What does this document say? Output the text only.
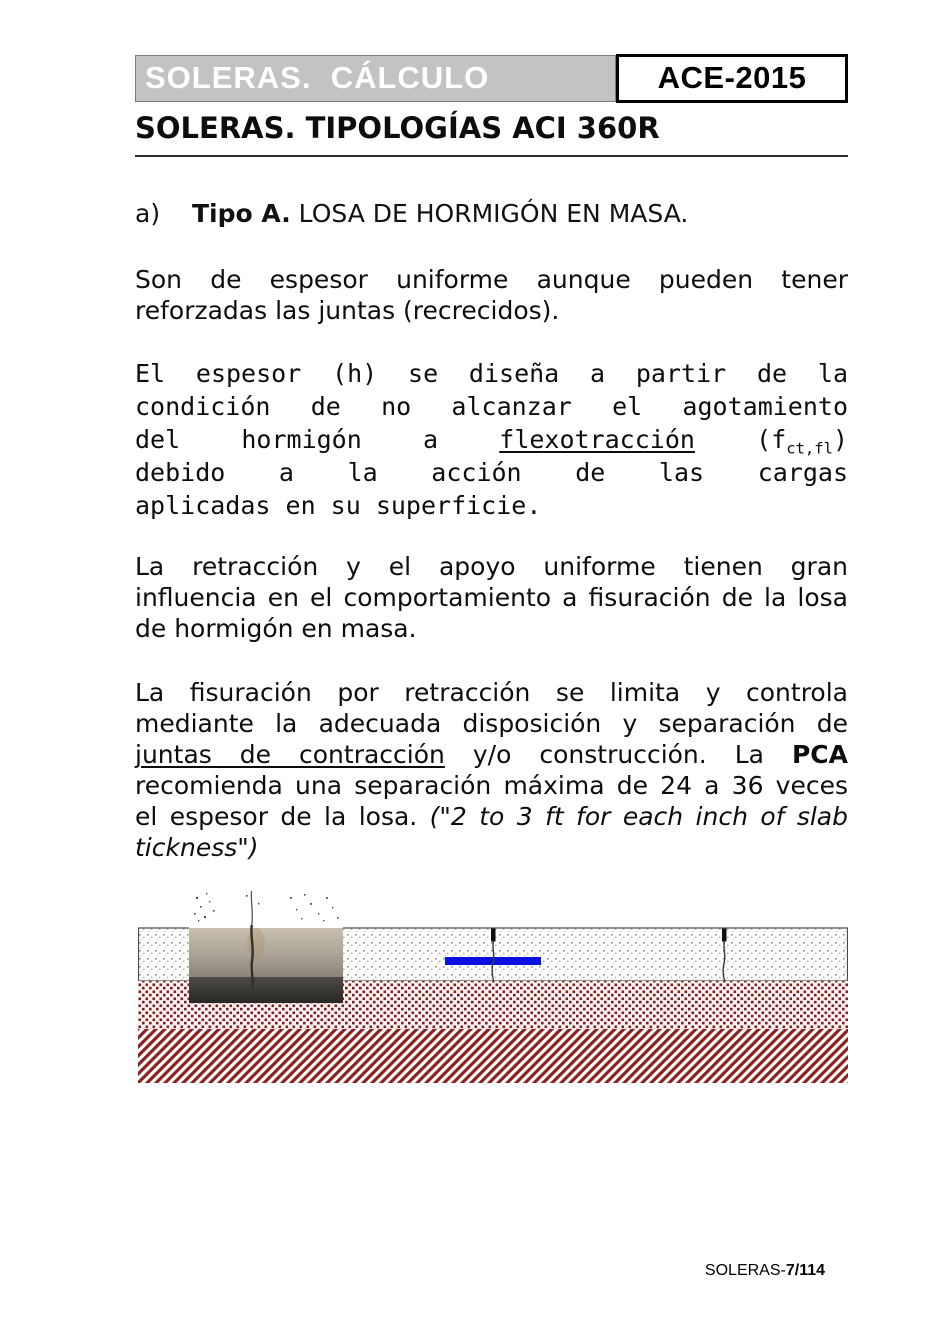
SOLERAS.  CÁLCULO	ACE-2015
SOLERAS. TIPOLOGÍAS ACI 360R
a) Tipo A. LOSA DE HORMIGÓN EN MASA.
Son de espesor uniforme aunque pueden tener
reforzadas las juntas (recrecidos).
El espesor (h) se diseña a partir de la
condición de no alcanzar el agotamiento
del hormigón a flexotracción $(f_{ct,fl})$
debido a la acción de las cargas
aplicadas en su superficie.
La retracción y el apoyo uniforme tienen gran
influencia en el comportamiento a fisuración de la losa
de hormigón en masa.
La fisuración por retracción se limita y controla
mediante la adecuada disposición y separación de
juntas de contracción y/o construcción. La PCA
recomienda una separación máxima de 24 a 36 veces
el espesor de la losa. ("2 to 3 ft for each inch of slab
tickness")
SOLERAS-7/114
